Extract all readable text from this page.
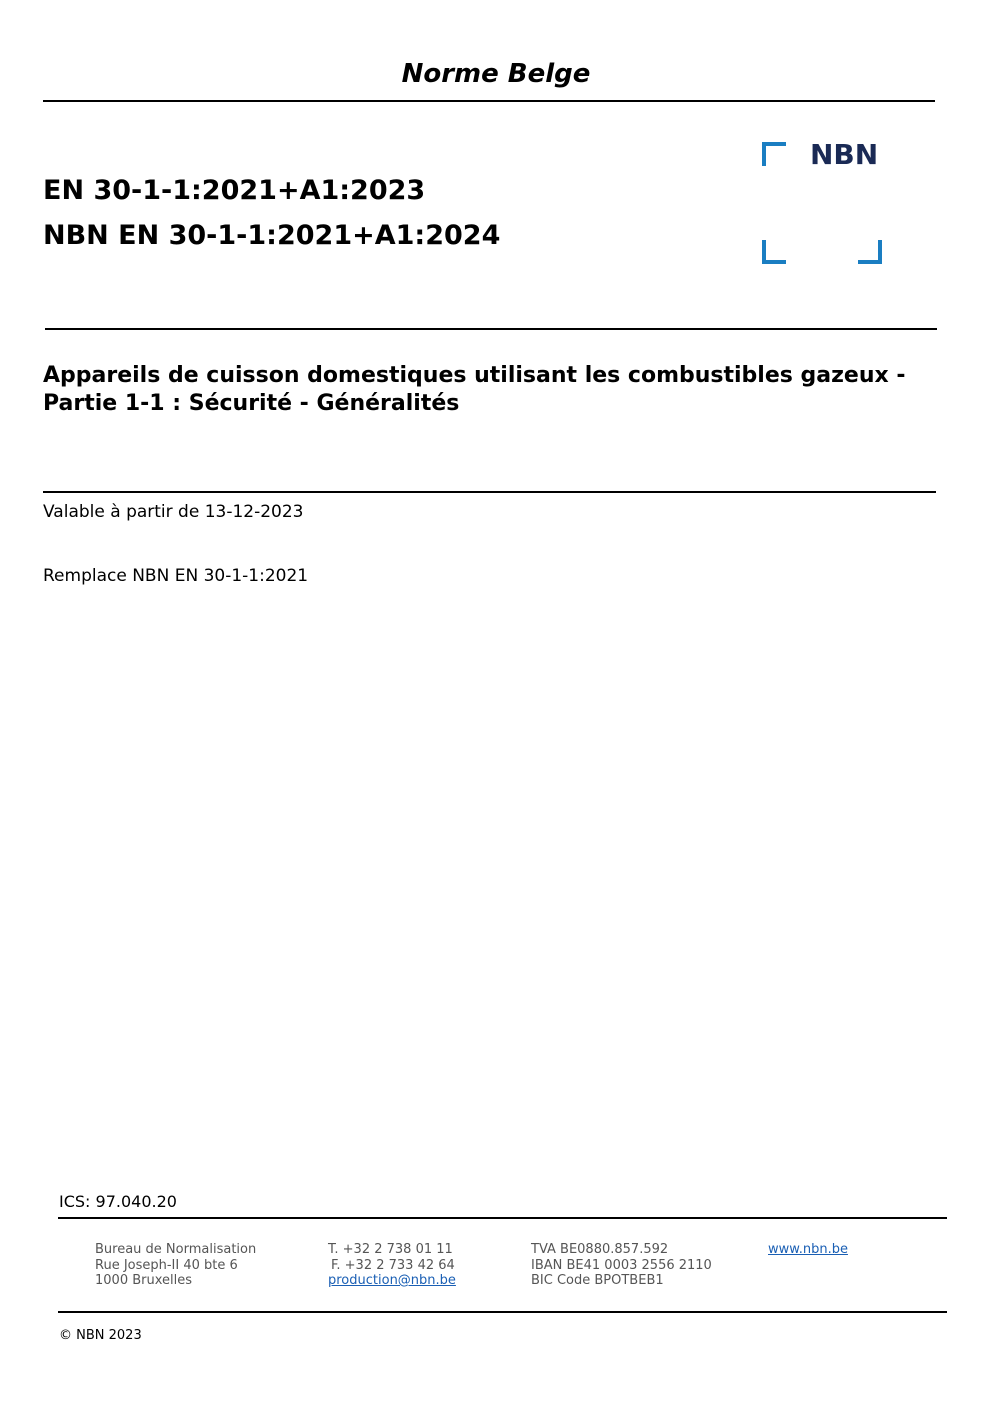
Norme Belge
EN 30-1-1:2021+A1:2023
NBN EN 30-1-1:2021+A1:2024
NBN
Appareils de cuisson domestiques utilisant les combustibles gazeux - Partie 1-1 : Sécurité - Généralités
Valable à partir de 13-12-2023
Remplace NBN EN 30-1-1:2021
ICS: 97.040.20
Bureau de Normalisation
Rue Joseph-II 40 bte 6
1000 Bruxelles
T. +32 2 738 01 11
F. +32 2 733 42 64
production@nbn.be
TVA BE0880.857.592
IBAN BE41 0003 2556 2110
BIC Code BPOTBEB1
www.nbn.be
© NBN 2023
